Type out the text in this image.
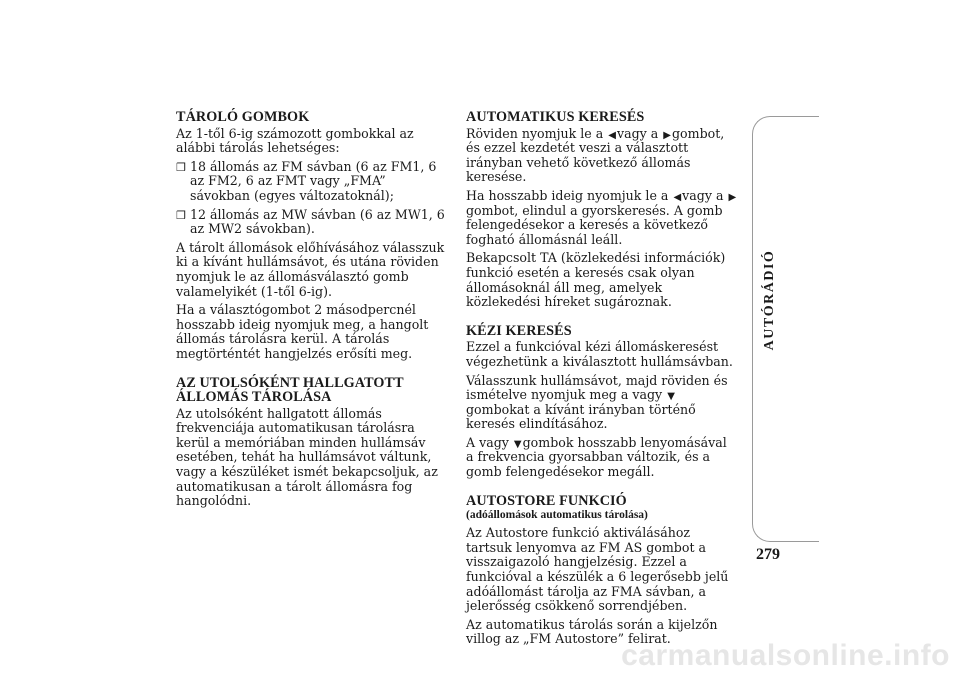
TÁROLÓ GOMBOK

Az 1-től 6-ig számozott gombokkal az alábbi tárolás lehetséges:

❒ 18 állomás az FM sávban (6 az FM1, 6 az FM2, 6 az FMT vagy „FMA” sávokban (egyes változatoknál);
❒ 12 állomás az MW sávban (6 az MW1, 6 az MW2 sávokban).

A tárolt állomások előhívásához válasszuk ki a kívánt hullámsávot, és utána röviden nyomjuk le az állomásválasztó gomb valamelyikét (1-től 6-ig).

Ha a választógombot 2 másodpercnél hosszabb ideig nyomjuk meg, a hangolt állomás tárolásra kerül. A tárolás megtörténtét hangjelzés erősíti meg.

AZ UTOLSÓKÉNT HALLGATOTT ÁLLOMÁS TÁROLÁSA

Az utolsóként hallgatott állomás frekvenciája automatikusan tárolásra kerül a memóriában minden hullámsáv esetében, tehát ha hullámsávot váltunk, vagy a készüléket ismét bekapcsoljuk, az automatikusan a tárolt állomásra fog hangolódni.

AUTOMATIKUS KERESÉS

Röviden nyomjuk le a ◀vagy a ▶gombot, és ezzel kezdetét veszi a választott irányban vehető következő állomás keresése.

Ha hosszabb ideig nyomjuk le a ◀vagy a ▶gombot, elindul a gyorskeresés. A gomb felengedésekor a keresés a következő fogható állomásnál leáll.

Bekapcsolt TA (közlekedési információk) funkció esetén a keresés csak olyan állomásoknál áll meg, amelyek közlekedési híreket sugároznak.

KÉZI KERESÉS

Ezzel a funkcióval kézi állomáskeresést végezhetünk a kiválasztott hullámsávban.

Válasszunk hullámsávot, majd röviden és ismételve nyomjuk meg a vagy ▼gombokat a kívánt irányban történő keresés elindításához.

A vagy ▼gombok hosszabb lenyomásával a frekvencia gyorsabban változik, és a gomb felengedésekor megáll.

AUTOSTORE FUNKCIÓ
(adóállomások automatikus tárolása)

Az Autostore funkció aktiválásához tartsuk lenyomva az FM AS gombot a visszaigazoló hangjelzésig. Ezzel a funkcióval a készülék a 6 legerősebb jelű adóállomást tárolja az FMA sávban, a jelerősség csökkenő sorrendjében.

Az automatikus tárolás során a kijelzőn villog az „FM Autostore” felirat.

AUTÓRÁDIÓ
279
carmanualsonline.info
